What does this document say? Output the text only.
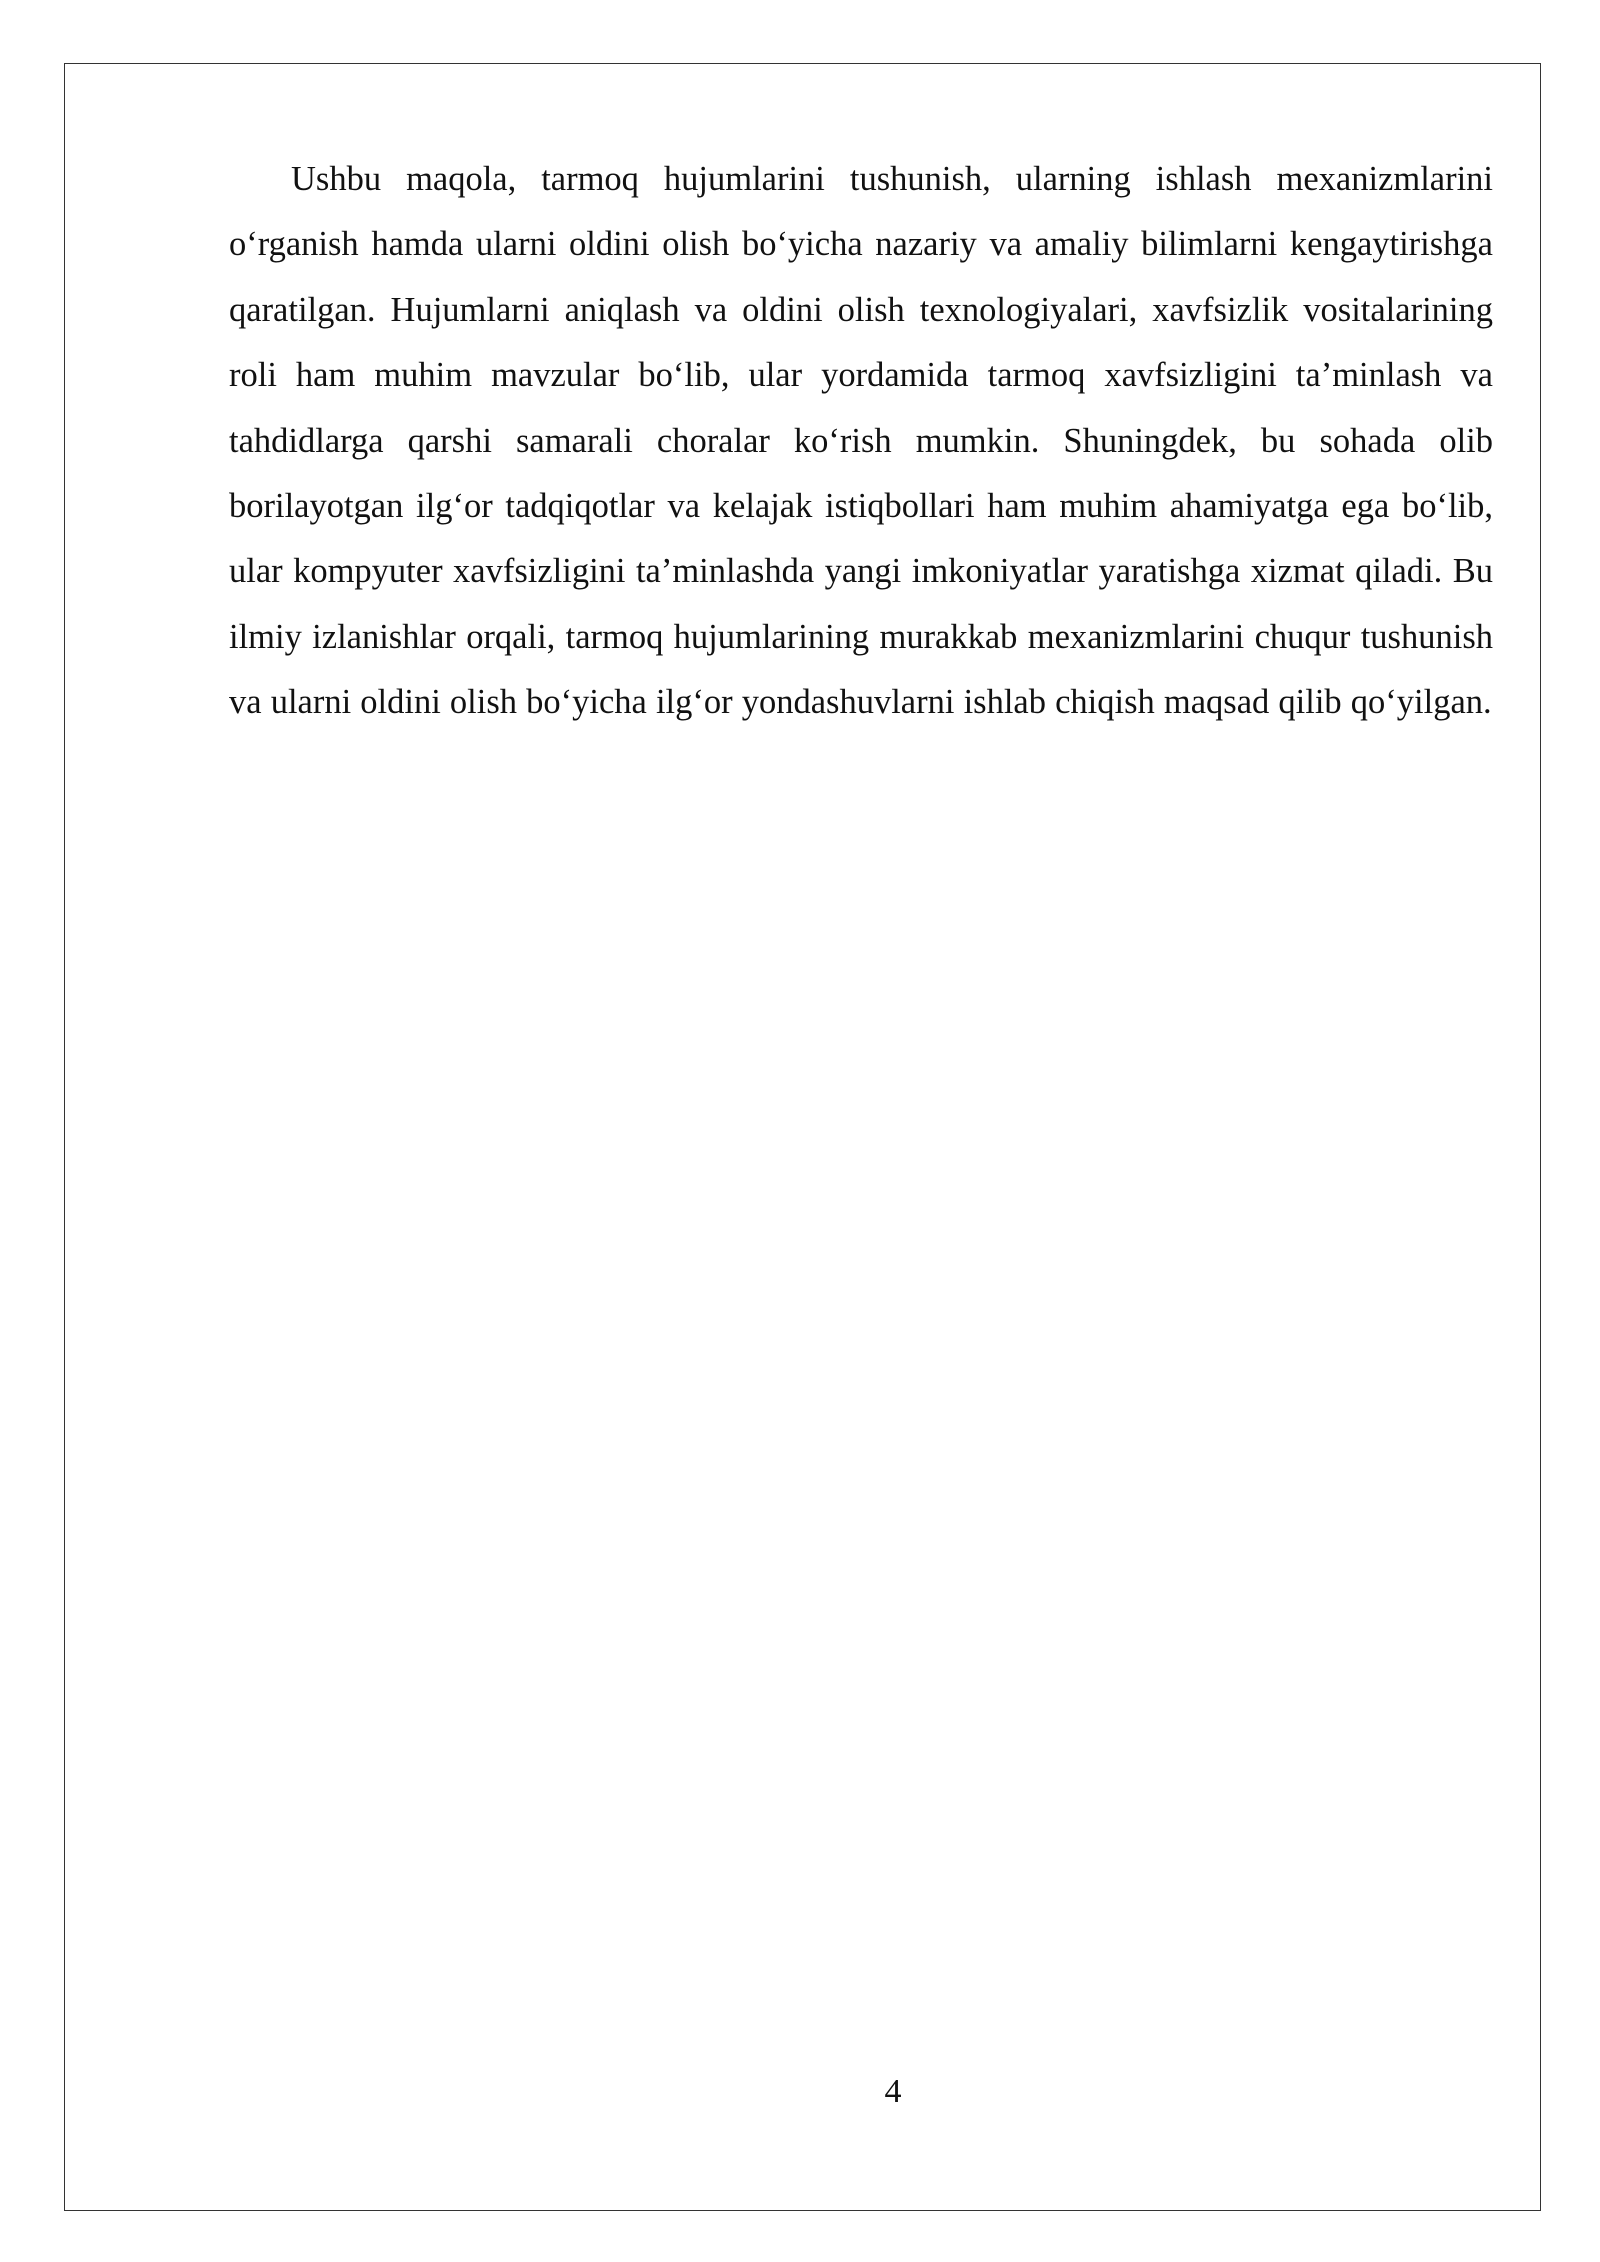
Ushbu maqola, tarmoq hujumlarini tushunish, ularning ishlash mexanizmlarini o‘rganish hamda ularni oldini olish bo‘yicha nazariy va amaliy bilimlarni kengaytirishga qaratilgan. Hujumlarni aniqlash va oldini olish texnologiyalari, xavfsizlik vositalarining roli ham muhim mavzular bo‘lib, ular yordamida tarmoq xavfsizligini ta’minlash va tahdidlarga qarshi samarali choralar ko‘rish mumkin. Shuningdek, bu sohada olib borilayotgan ilg‘or tadqiqotlar va kelajak istiqbollari ham muhim ahamiyatga ega bo‘lib, ular kompyuter xavfsizligini ta’minlashda yangi imkoniyatlar yaratishga xizmat qiladi. Bu ilmiy izlanishlar orqali, tarmoq hujumlarining murakkab mexanizmlarini chuqur tushunish va ularni oldini olish bo‘yicha ilg‘or yondashuvlarni ishlab chiqish maqsad qilib qo‘yilgan.

4
